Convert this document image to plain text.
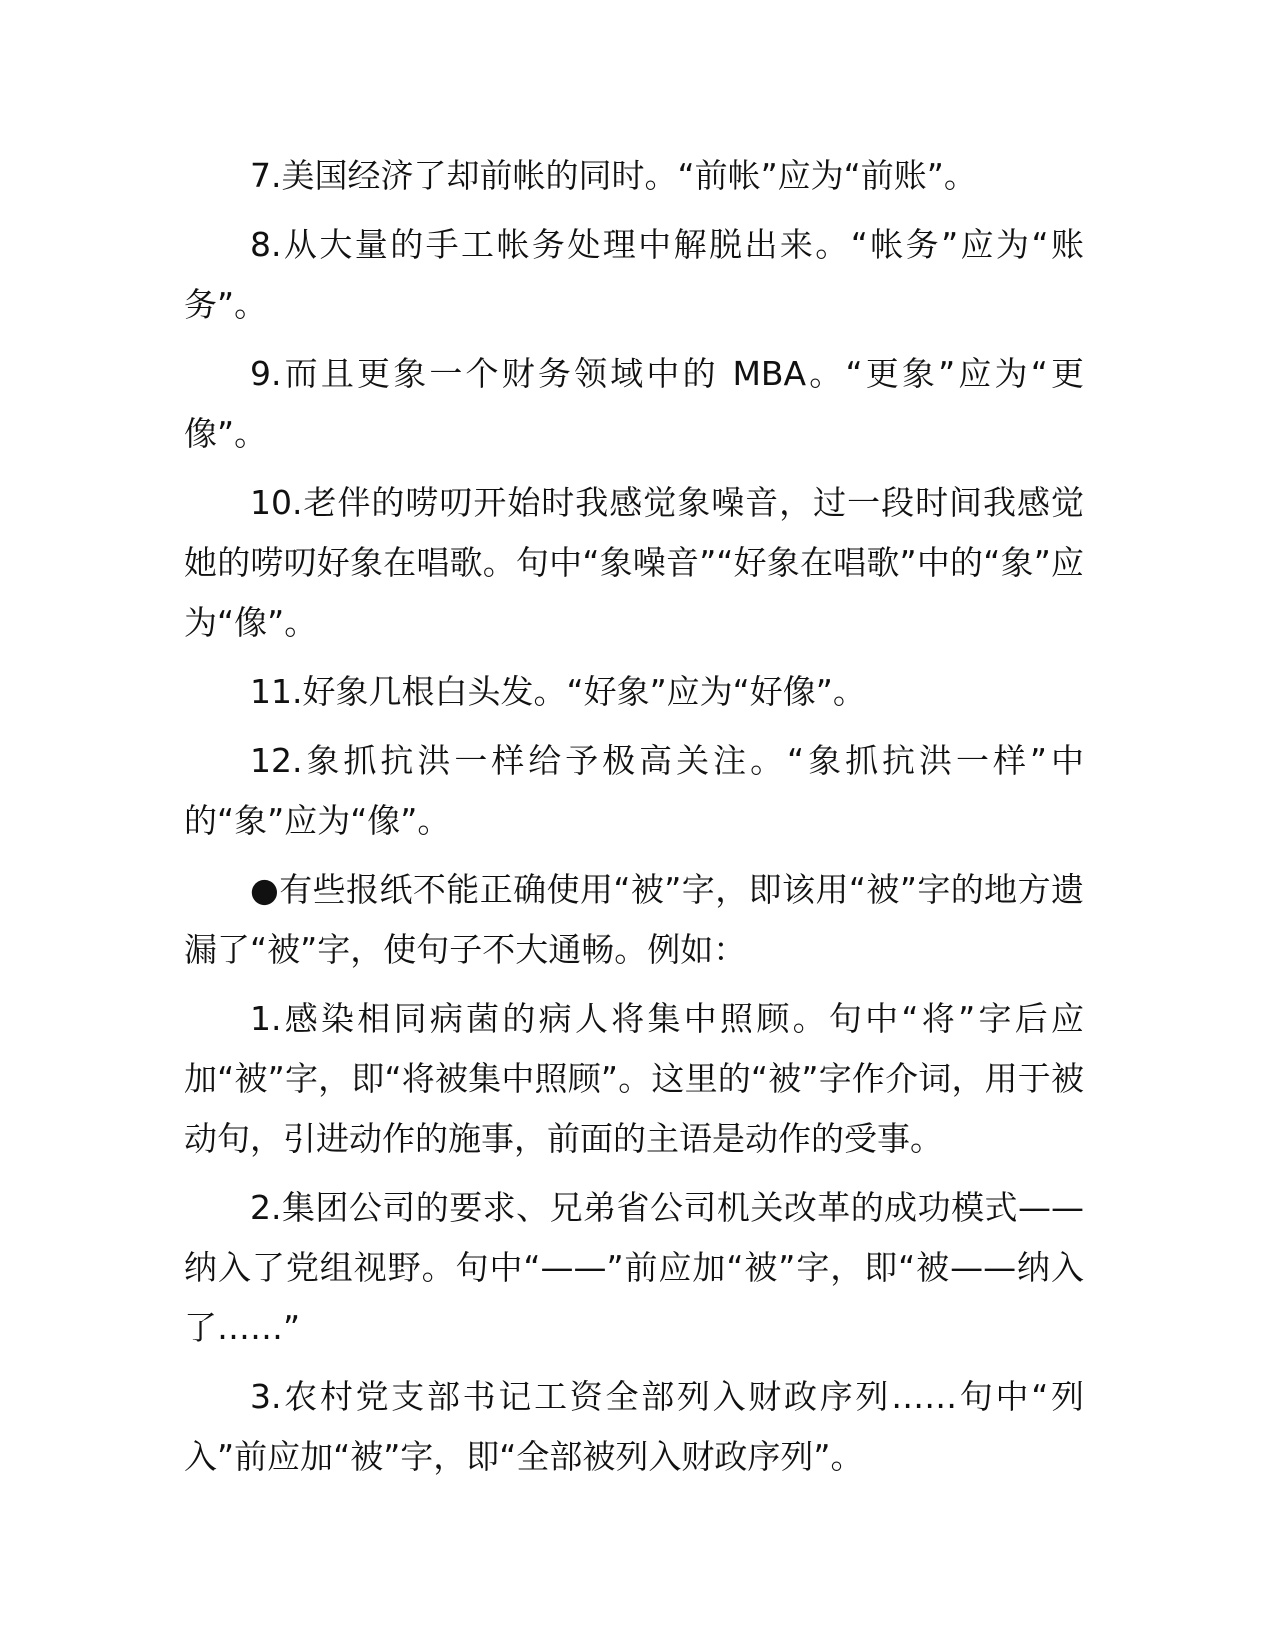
7.美国经济了却前帐的同时。“前帐”应为“前账”。

8.从大量的手工帐务处理中解脱出来。“帐务”应为“账务”。

9.而且更象一个财务领域中的 MBA。“更象”应为“更像”。

10.老伴的唠叨开始时我感觉象噪音，过一段时间我感觉她的唠叨好象在唱歌。句中“象噪音”“好象在唱歌”中的“象”应为“像”。

11.好象几根白头发。“好象”应为“好像”。

12.象抓抗洪一样给予极高关注。“象抓抗洪一样”中的“象”应为“像”。

●有些报纸不能正确使用“被”字，即该用“被”字的地方遗漏了“被”字，使句子不大通畅。例如：

1.感染相同病菌的病人将集中照顾。句中“将”字后应加“被”字，即“将被集中照顾”。这里的“被”字作介词，用于被动句，引进动作的施事，前面的主语是动作的受事。

2.集团公司的要求、兄弟省公司机关改革的成功模式——纳入了党组视野。句中“——”前应加“被”字，即“被——纳入了……”

3.农村党支部书记工资全部列入财政序列……句中“列入”前应加“被”字，即“全部被列入财政序列”。
